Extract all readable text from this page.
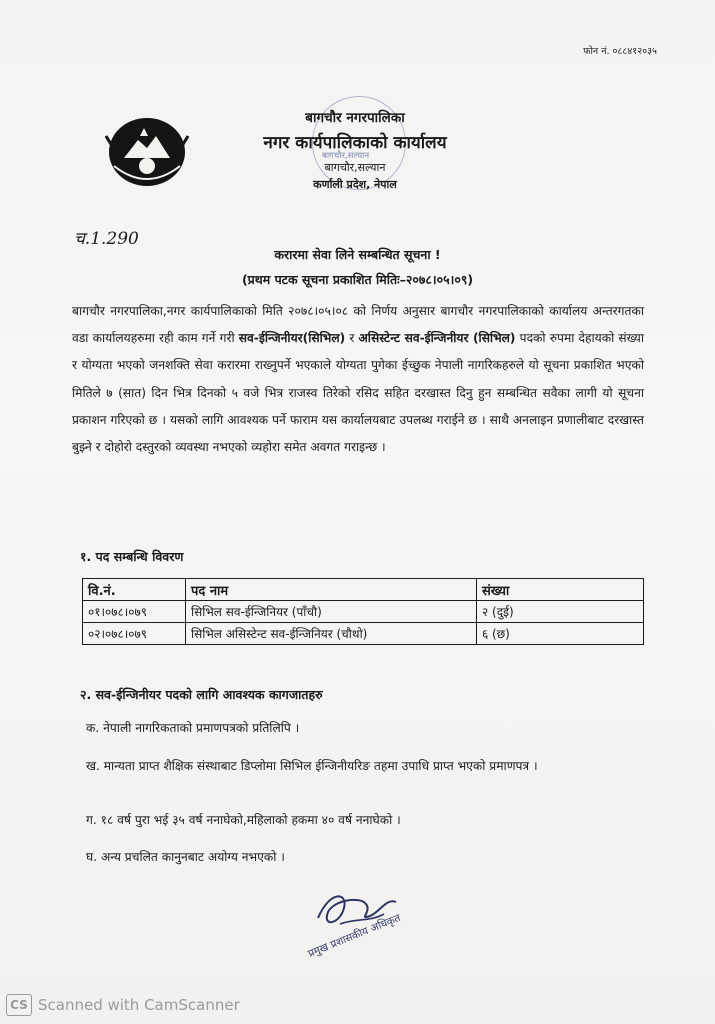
फोन नं. ०८८४१२०३५
बागचौर,सल्यान
बागचौर नगरपालिका
नगर कार्यपालिकाको कार्यालय
बागचौर,सल्यान
कर्णाली प्रदेश, नेपाल
च.1.290
करारमा सेवा लिने सम्बन्धित सूचना !
(प्रथम पटक सूचना प्रकाशित मितिः–२०७८।०५।०९)
बागचौर नगरपालिका,नगर कार्यपालिकाको मिति २०७८।०५।०८ को निर्णय अनुसार बागचौर नगरपालिकाको कार्यालय अन्तरगतका वडा कार्यालयहरुमा रही काम गर्ने गरी सव-ईन्जिनीयर(सिभिल) र असिस्टेन्ट सव-ईन्जिनीयर (सिभिल) पदको रुपमा देहायको संख्या र योग्यता भएको जनशक्ति सेवा करारमा राख्नुपर्ने भएकाले योग्यता पुगेका ईच्छुक नेपाली नागरिकहरुले यो सूचना प्रकाशित भएको मितिले ७ (सात) दिन भित्र दिनको ५ वजे भित्र राजस्व तिरेको रसिद सहित दरखास्त दिनु हुन सम्बन्धित सवैका लागी यो सूचना प्रकाशन गरिएको छ । यसको लागि आवश्यक पर्ने फाराम यस कार्यालयबाट उपलब्ध गराईने छ । साथै अनलाइन प्रणालीबाट दरखास्त बुझ्ने र दोहोरो दस्तुरको व्यवस्था नभएको व्यहोरा समेत अवगत गराइन्छ ।
१. पद सम्बन्धि विवरण
वि.नं.	पद नाम	संख्या
०१।०७८।०७९	सिभिल सव-ईन्जिनियर (पाँचौ)	२ (दुई)
०२।०७८।०७९	सिभिल असिस्टेन्ट सव-ईन्जिनियर (चौथो)	६ (छ)
२. सव-ईन्जिनीयर पदको लागि आवश्यक कागजातहरु
क. नेपाली नागरिकताको प्रमाणपत्रको प्रतिलिपि ।
ख. मान्यता प्राप्त शैक्षिक संस्थाबाट डिप्लोमा सिभिल ईन्जिनीयरिङ तहमा उपाधि प्राप्त भएको प्रमाणपत्र ।
ग. १८ वर्ष पुरा भई ३५ वर्ष ननाघेको,महिलाको हकमा ४० वर्ष ननाघेको ।
घ. अन्य प्रचलित कानुनबाट अयोग्य नभएको ।
प्रमुख प्रशासकीय अधिकृत
CS Scanned with CamScanner
